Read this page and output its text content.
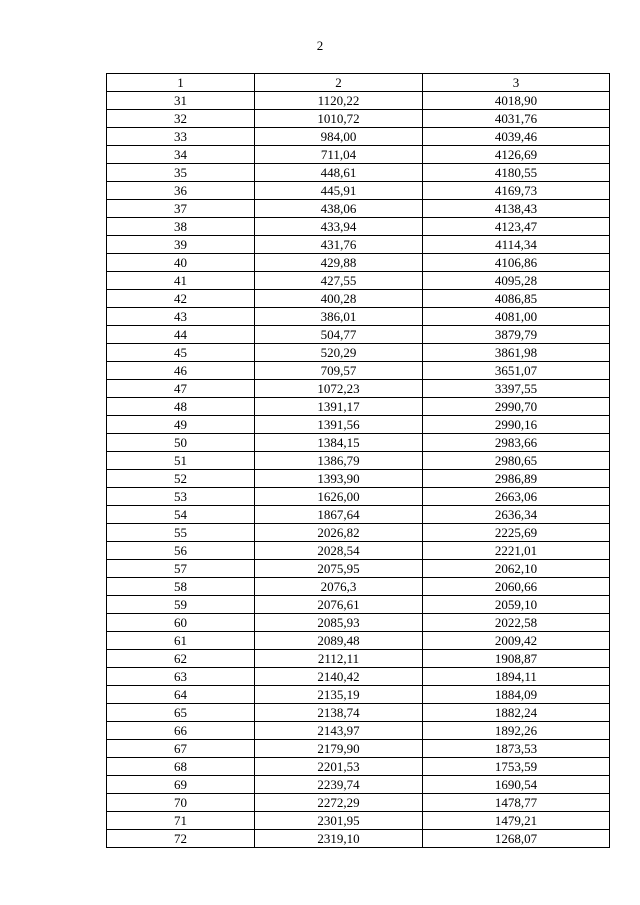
2
1	2	3
31	1120,22	4018,90
32	1010,72	4031,76
33	984,00	4039,46
34	711,04	4126,69
35	448,61	4180,55
36	445,91	4169,73
37	438,06	4138,43
38	433,94	4123,47
39	431,76	4114,34
40	429,88	4106,86
41	427,55	4095,28
42	400,28	4086,85
43	386,01	4081,00
44	504,77	3879,79
45	520,29	3861,98
46	709,57	3651,07
47	1072,23	3397,55
48	1391,17	2990,70
49	1391,56	2990,16
50	1384,15	2983,66
51	1386,79	2980,65
52	1393,90	2986,89
53	1626,00	2663,06
54	1867,64	2636,34
55	2026,82	2225,69
56	2028,54	2221,01
57	2075,95	2062,10
58	2076,3	2060,66
59	2076,61	2059,10
60	2085,93	2022,58
61	2089,48	2009,42
62	2112,11	1908,87
63	2140,42	1894,11
64	2135,19	1884,09
65	2138,74	1882,24
66	2143,97	1892,26
67	2179,90	1873,53
68	2201,53	1753,59
69	2239,74	1690,54
70	2272,29	1478,77
71	2301,95	1479,21
72	2319,10	1268,07
